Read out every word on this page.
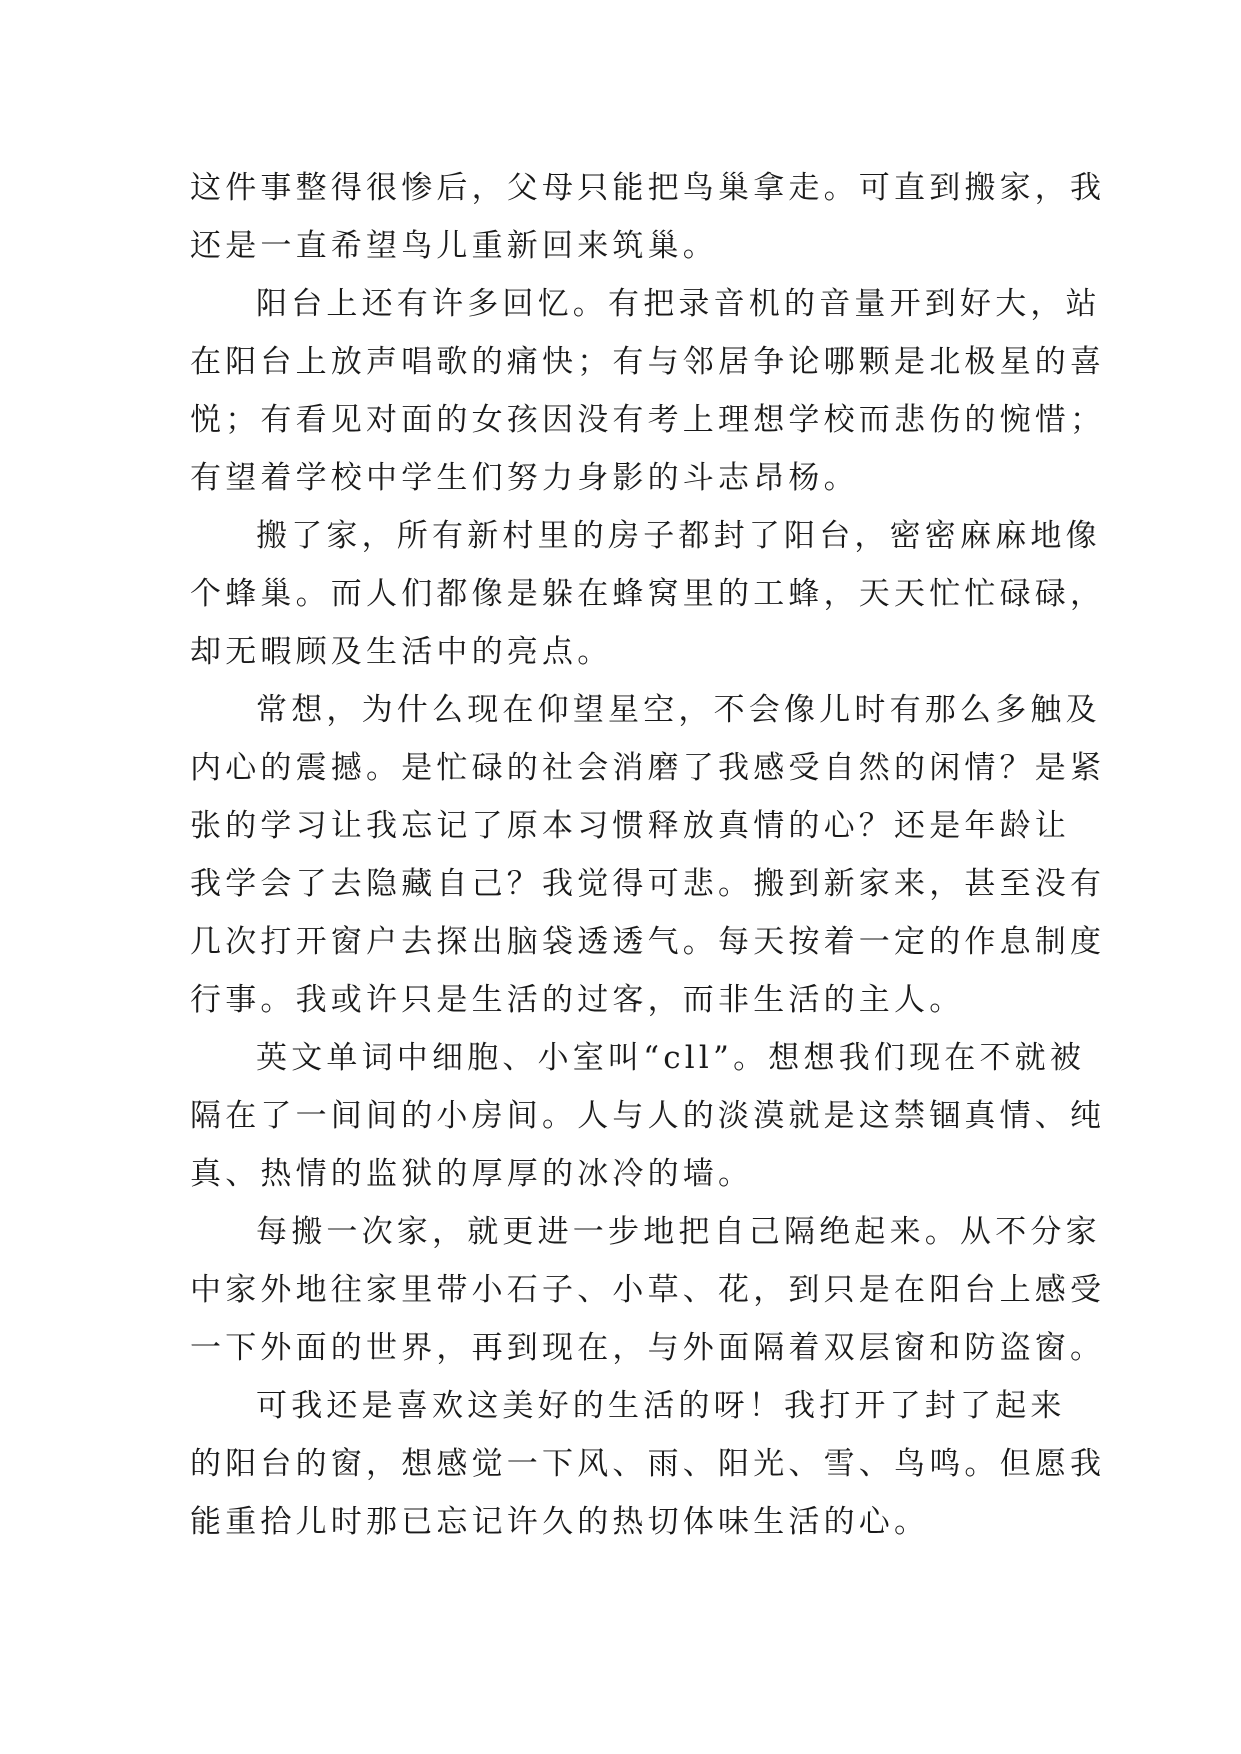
这件事整得很惨后，父母只能把鸟巢拿走。可直到搬家，我
还是一直希望鸟儿重新回来筑巢。
阳台上还有许多回忆。有把录音机的音量开到好大，站
在阳台上放声唱歌的痛快；有与邻居争论哪颗是北极星的喜
悦；有看见对面的女孩因没有考上理想学校而悲伤的惋惜；
有望着学校中学生们努力身影的斗志昂杨。
搬了家，所有新村里的房子都封了阳台，密密麻麻地像
个蜂巢。而人们都像是躲在蜂窝里的工蜂，天天忙忙碌碌，
却无暇顾及生活中的亮点。
常想，为什么现在仰望星空，不会像儿时有那么多触及
内心的震撼。是忙碌的社会消磨了我感受自然的闲情？是紧
张的学习让我忘记了原本习惯释放真情的心？还是年龄让
我学会了去隐藏自己？我觉得可悲。搬到新家来，甚至没有
几次打开窗户去探出脑袋透透气。每天按着一定的作息制度
行事。我或许只是生活的过客，而非生活的主人。
英文单词中细胞、小室叫“cll”。想想我们现在不就被
隔在了一间间的小房间。人与人的淡漠就是这禁锢真情、纯
真、热情的监狱的厚厚的冰冷的墙。
每搬一次家，就更进一步地把自己隔绝起来。从不分家
中家外地往家里带小石子、小草、花，到只是在阳台上感受
一下外面的世界，再到现在，与外面隔着双层窗和防盗窗。
可我还是喜欢这美好的生活的呀！我打开了封了起来
的阳台的窗，想感觉一下风、雨、阳光、雪、鸟鸣。但愿我
能重拾儿时那已忘记许久的热切体味生活的心。
